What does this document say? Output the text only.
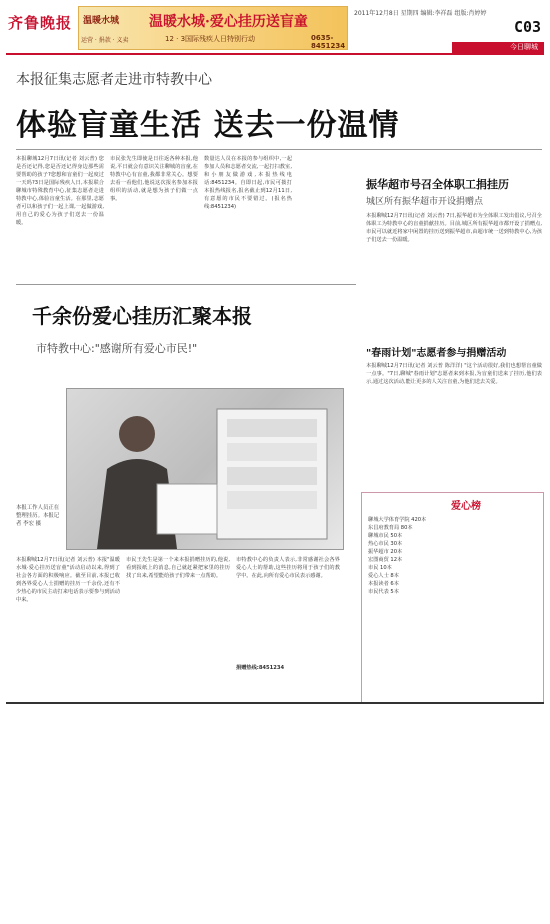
齐鲁晚报 温暖水城 温暖水城·爱心挂历送盲童
12 · 3国际残疾人日特别行动
运营 · 捐款 · 义卖	0635-8451234
2011年12月8日 星期四 编辑:李祥磊 组版:肖婷婷
C03
今日聊城
本报征集志愿者走进市特教中心
体验盲童生活 送去一份温情
本报聊城12月7日讯(记者 刘云普) 您是否还记得,您是否还记得身边那些需要帮助的孩子?您想和盲童们一起度过一天吗?3日是国际残疾人日,本报联合聊城市特殊教育中心,征集志愿者走进特教中心,体验盲童生活。在那里,志愿者可以和孩子们一起上课,一起做游戏,用自己的爱心为孩子们送去一份温暖。
市民张先生即使是日往返各种本报,他说,平日就会有意识关注聊城的盲童,在特教中心有盲童,我都非常关心。想要去看一看他们,他说这次报名参加本报组织的活动,就是想为孩子们做一点事。
数量达人员在本报的参与组织中,一起参加人员和志愿者交流,一起打扫教室,和小朋友做游戏,本报热线电话:8451234。自即日起,市民可拨打本报热线报名,报名截止到12月11日,有意愿的市民不要错过。(报名热线:8451234)
振华超市号召全体职工捐挂历
城区所有振华超市开设捐赠点
本报聊城12月7日讯(记者 刘云普) 7日,振华超市为全体职工发出倡议,号召全体职工为特教中心的盲童捐献挂历。目前,城区所有振华超市都开设了捐赠点,市民可以就近将家中闲置的挂历送到振华超市,由超市统一送到特教中心,为孩子们送去一份温暖。
千余份爱心挂历汇聚本报
市特教中心:"感谢所有爱心市民!"
本报工作人员正在整理挂历。本报记者 李宏 摄
本报聊城12月7日讯(记者 刘云普) 本报"温暖水城·爱心挂历送盲童"活动启动以来,得到了社会各方面的积极响应。截至目前,本报已收到各界爱心人士捐赠的挂历一千余份,还有不少热心的市民主动打来电话表示要参与到活动中来。
市民王先生是第一个来本报捐赠挂历的,他说,看到报纸上的消息,自己就赶紧把家里的挂历找了出来,希望能给孩子们带来一点帮助。
市特教中心的负责人表示,非常感谢社会各界爱心人士的帮助,这些挂历将用于孩子们的教学中。在此,向所有爱心市民表示感谢。
捐赠热线:8451234
"春雨计划"志愿者参与捐赠活动
本报聊城12月7日讯(记者 刘云普 陈洋洋) "这个活动很好,我们也想帮盲童做一点事。"7日,聊城"春雨计划"志愿者来到本报,为盲童们送来了挂历,他们表示,通过这次活动,能让更多的人关注盲童,为他们送去关爱。
爱心榜
聊城大学体育学院 420本
东昌府教育局 80本
聊城市民 50本
热心市民 30本
振华超市 20本
宏图商贸 12本
市民 10本
爱心人士 8本
本报读者 6本
市民代表 5本
